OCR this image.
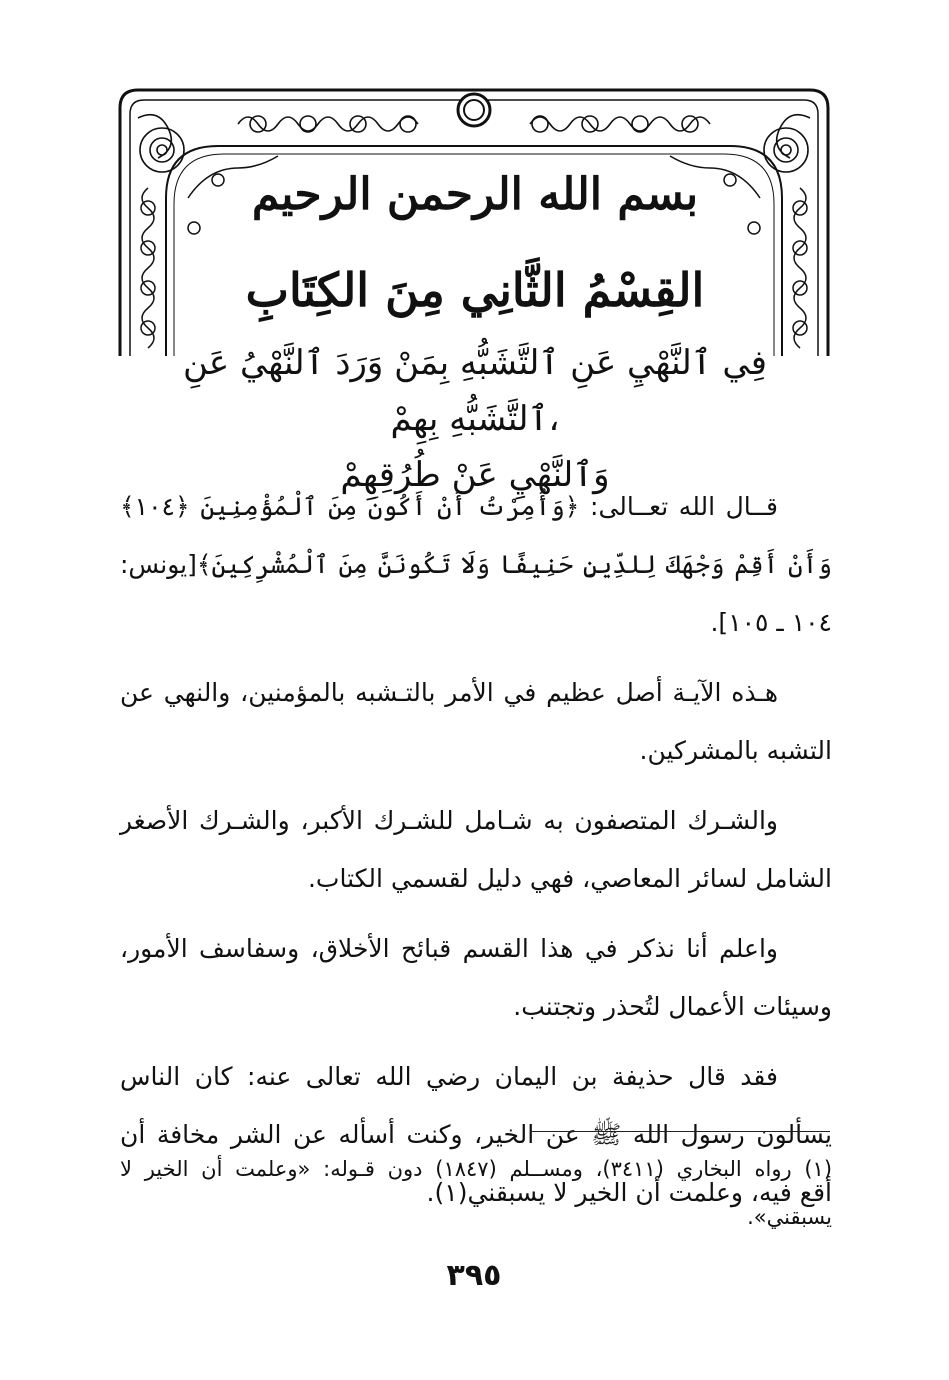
بسم الله الرحمن الرحيم
القِسْمُ الثَّانِي مِنَ الكِتَابِ
فِي ٱلنَّهْيِ عَنِ ٱلتَّشَبُّهِ بِمَنْ وَرَدَ ٱلنَّهْيُ عَنِ ٱلتَّشَبُّهِ بِهِمْ،
وَٱلنَّهْيِ عَنْ طُرُقِهِمْ

قــال الله تعــالى: ﴿وَأُمِرْتُ أَنْ أَكُونَ مِنَ ٱلْمُؤْمِنِينَ ﴿١٠٤﴾ وَأَنْ أَقِمْ وَجْهَكَ لِلدِّينِ حَنِيفًا وَلَا تَكُونَنَّ مِنَ ٱلْمُشْرِكِينَ﴾[يونس: ١٠٤ ـ ١٠٥].

هـذه الآيـة أصل عظيم في الأمر بالتـشبه بالمؤمنين، والنهي عن التشبه بالمشركين.

والشـرك المتصفون به شـامل للشـرك الأكبر، والشـرك الأصغر الشامل لسائر المعاصي، فهي دليل لقسمي الكتاب.

واعلم أنا نذكر في هذا القسم قبائح الأخلاق، وسفاسف الأمور، وسيئات الأعمال لتُحذر وتجتنب.

فقد قال حذيفة بن اليمان رضي الله تعالى عنه: كان الناس يسألون رسول الله ﷺ عن الخير، وكنت أسأله عن الشر مخافة أن أقع فيه، وعلمت أن الخير لا يسبقني(١).

(١) رواه البخاري (٣٤١١)، ومســلم (١٨٤٧) دون قـوله: «وعلمت أن الخير لا يسبقني».
٣٩٥
